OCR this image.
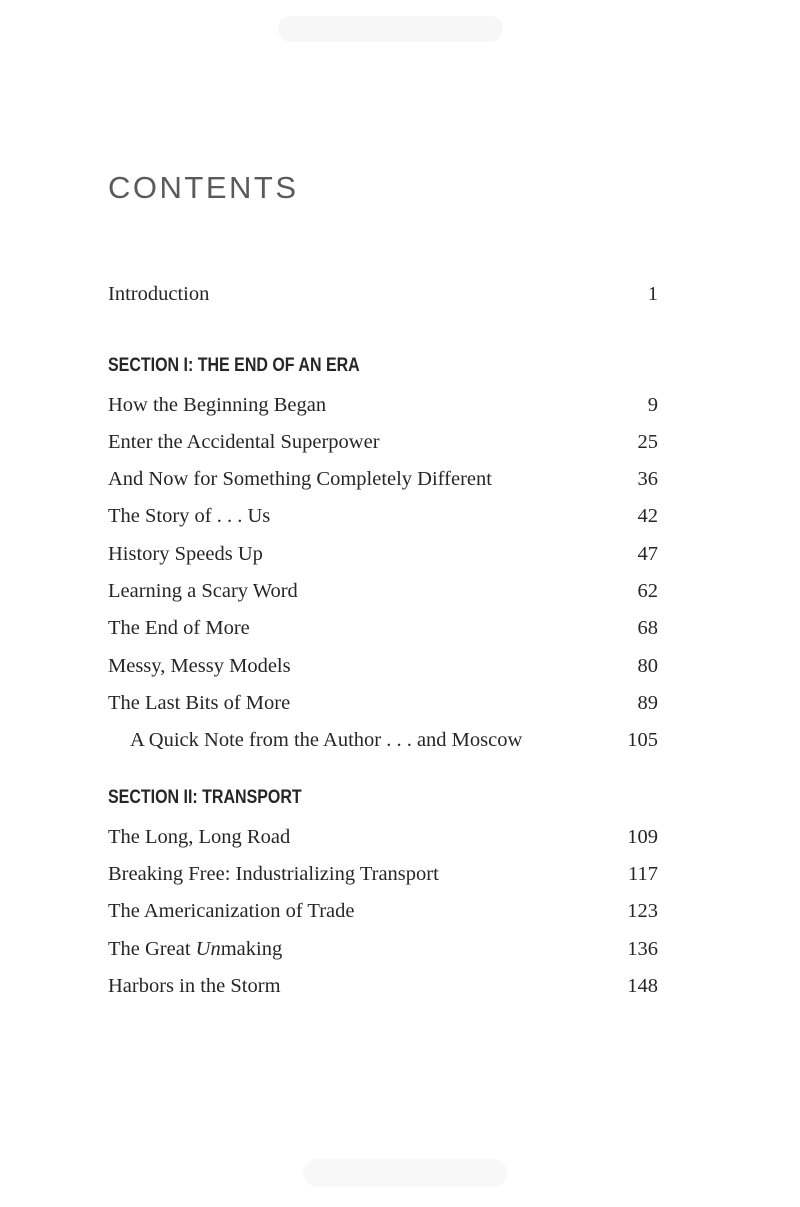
CONTENTS
Introduction	1
SECTION I: THE END OF AN ERA
How the Beginning Began	9
Enter the Accidental Superpower	25
And Now for Something Completely Different	36
The Story of . . . Us	42
History Speeds Up	47
Learning a Scary Word	62
The End of More	68
Messy, Messy Models	80
The Last Bits of More	89
A Quick Note from the Author . . . and Moscow	105
SECTION II: TRANSPORT
The Long, Long Road	109
Breaking Free: Industrializing Transport	117
The Americanization of Trade	123
The Great Unmaking	136
Harbors in the Storm	148
